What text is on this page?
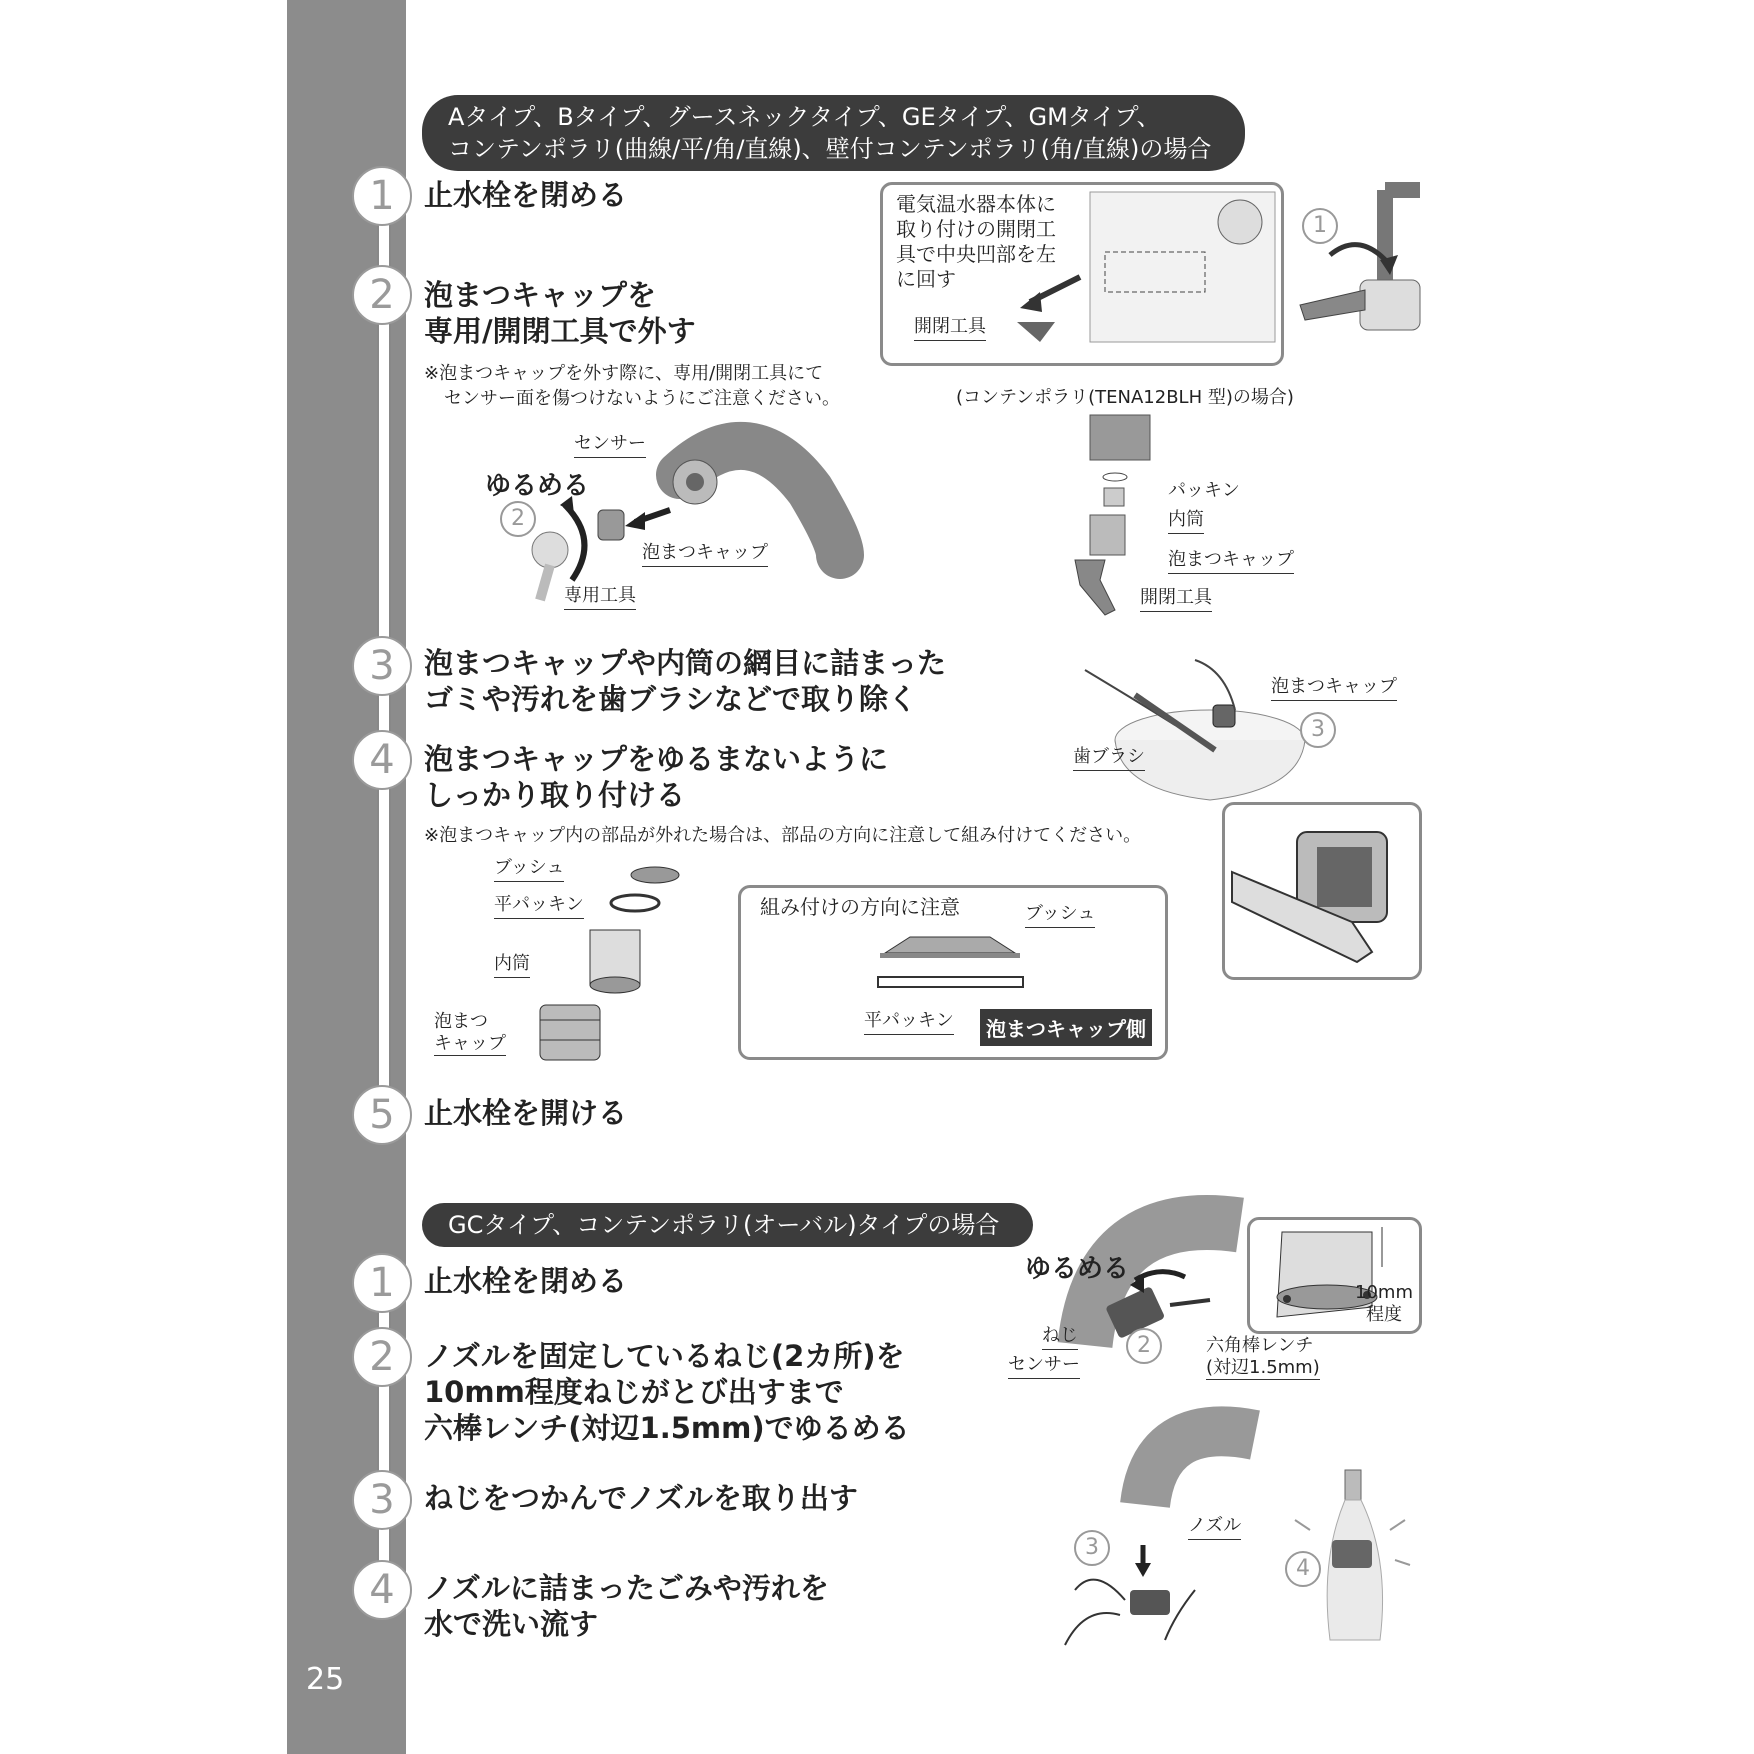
25
Aタイプ、Bタイプ、グースネックタイプ、GEタイプ、GMタイプ、
コンテンポラリ(曲線/平/角/直線)、壁付コンテンポラリ(角/直線)の場合
1
2
3
4
5
止水栓を閉める
泡まつキャップを
専用/開閉工具で外す
※泡まつキャップを外す際に、専用/開閉工具にて
センサー面を傷つけないようにご注意ください。
泡まつキャップや内筒の網目に詰まった
ゴミや汚れを歯ブラシなどで取り除く
泡まつキャップをゆるまないように
しっかり取り付ける
※泡まつキャップ内の部品が外れた場合は、部品の方向に注意して組み付けてください。
止水栓を開ける
電気温水器本体に
取り付けの開閉工
具で中央凹部を左
に回す
開閉工具
1
(コンテンポラリ(TENA12BLH 型)の場合)
ゆるめる
2
センサー
泡まつキャップ
専用工具
パッキン
内筒
泡まつキャップ
開閉工具
泡まつキャップ
歯ブラシ
3
ブッシュ
平パッキン
内筒
泡まつ
キャップ
組み付けの方向に注意	ブッシュ
平パッキン	泡まつキャップ側
GCタイプ、コンテンポラリ(オーバル)タイプの場合
1
2
3
4
止水栓を閉める
ノズルを固定しているねじ(2カ所)を
10mm程度ねじがとび出すまで
六棒レンチ(対辺1.5mm)でゆるめる
ねじをつかんでノズルを取り出す
ノズルに詰まったごみや汚れを
水で洗い流す
ゆるめる
10mm
程度
ねじ
センサー
2	六角棒レンチ
(対辺1.5mm)
ノズル
3
4
